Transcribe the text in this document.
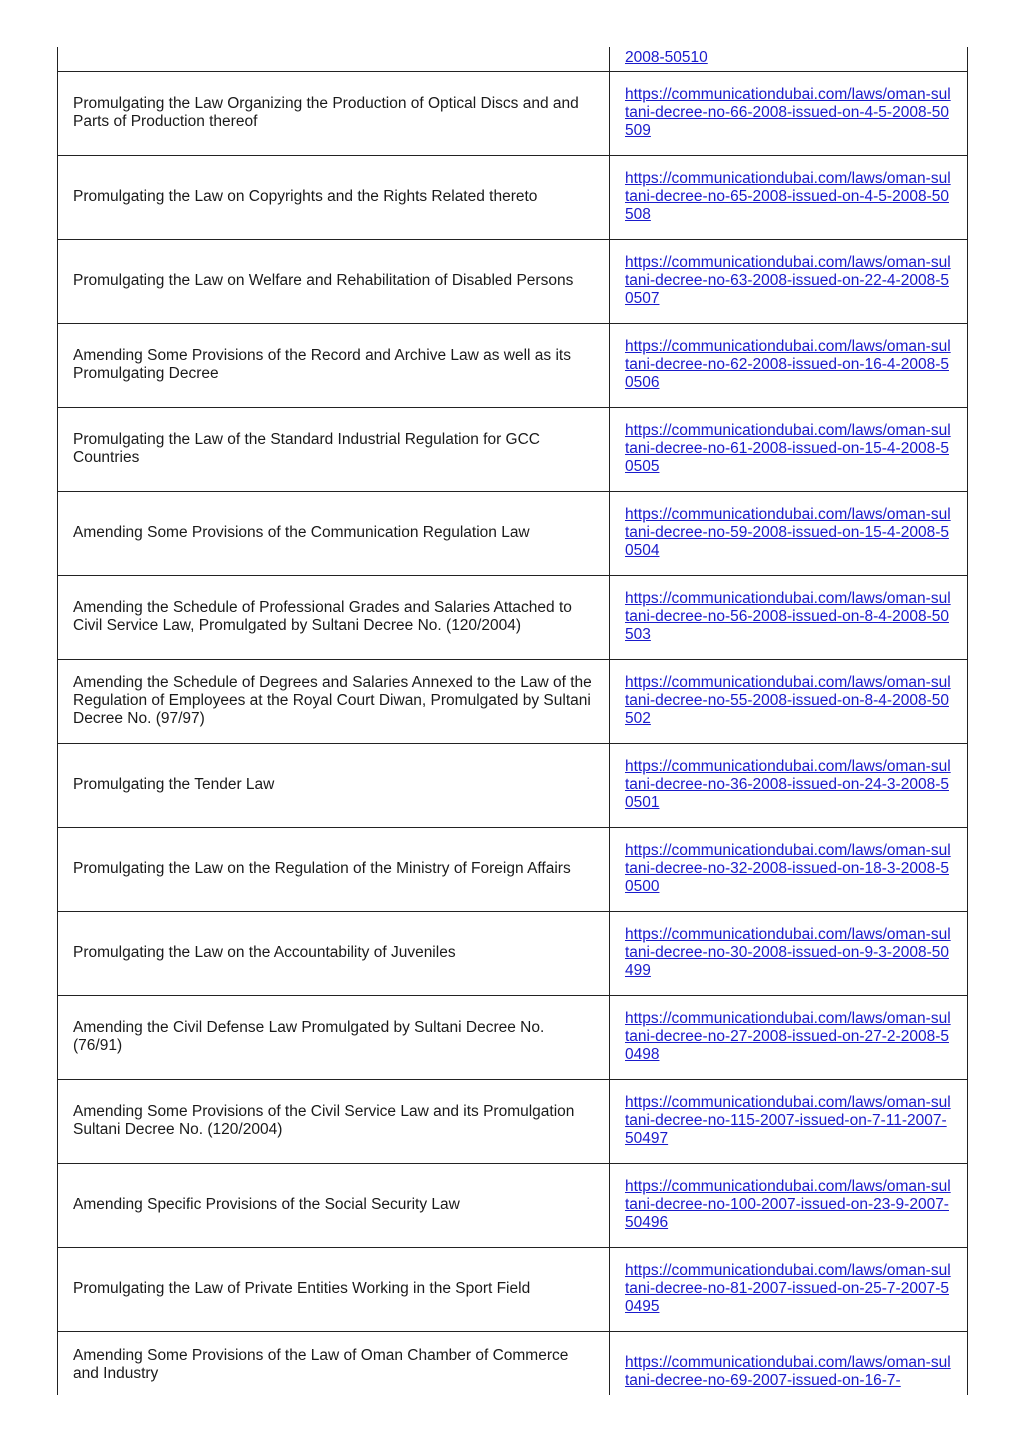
	2008-50510

Promulgating the Law Organizing the Production of Optical Discs and and Parts of Production thereof	https://communicationdubai.com/laws/oman-sultani-decree-no-66-2008-issued-on-4-5-2008-50509

Promulgating the Law on Copyrights and the Rights Related thereto	https://communicationdubai.com/laws/oman-sultani-decree-no-65-2008-issued-on-4-5-2008-50508

Promulgating the Law on Welfare and Rehabilitation of Disabled Persons	https://communicationdubai.com/laws/oman-sultani-decree-no-63-2008-issued-on-22-4-2008-50507

Amending Some Provisions of the Record and Archive Law as well as its Promulgating Decree	https://communicationdubai.com/laws/oman-sultani-decree-no-62-2008-issued-on-16-4-2008-50506

Promulgating the Law of the Standard Industrial Regulation for GCC Countries	https://communicationdubai.com/laws/oman-sultani-decree-no-61-2008-issued-on-15-4-2008-50505

Amending Some Provisions of the Communication Regulation Law	https://communicationdubai.com/laws/oman-sultani-decree-no-59-2008-issued-on-15-4-2008-50504

Amending the Schedule of Professional Grades and Salaries Attached to Civil Service Law, Promulgated by Sultani Decree No. (120/2004)	https://communicationdubai.com/laws/oman-sultani-decree-no-56-2008-issued-on-8-4-2008-50503

Amending the Schedule of Degrees and Salaries Annexed to the Law of the Regulation of Employees at the Royal Court Diwan, Promulgated by Sultani Decree No. (97/97)	https://communicationdubai.com/laws/oman-sultani-decree-no-55-2008-issued-on-8-4-2008-50502

Promulgating the Tender Law	https://communicationdubai.com/laws/oman-sultani-decree-no-36-2008-issued-on-24-3-2008-50501

Promulgating the Law on the Regulation of the Ministry of Foreign Affairs	https://communicationdubai.com/laws/oman-sultani-decree-no-32-2008-issued-on-18-3-2008-50500

Promulgating the Law on the Accountability of Juveniles	https://communicationdubai.com/laws/oman-sultani-decree-no-30-2008-issued-on-9-3-2008-50499

Amending the Civil Defense Law Promulgated by Sultani Decree No. (76/91)	https://communicationdubai.com/laws/oman-sultani-decree-no-27-2008-issued-on-27-2-2008-50498

Amending Some Provisions of the Civil Service Law and its Promulgation Sultani Decree No. (120/2004)	https://communicationdubai.com/laws/oman-sultani-decree-no-115-2007-issued-on-7-11-2007-50497

Amending Specific Provisions of the Social Security Law	https://communicationdubai.com/laws/oman-sultani-decree-no-100-2007-issued-on-23-9-2007-50496

Promulgating the Law of Private Entities Working in the Sport Field	https://communicationdubai.com/laws/oman-sultani-decree-no-81-2007-issued-on-25-7-2007-50495

Amending Some Provisions of the Law of Oman Chamber of Commerce and Industry	https://communicationdubai.com/laws/oman-sultani-decree-no-69-2007-issued-on-16-7-
